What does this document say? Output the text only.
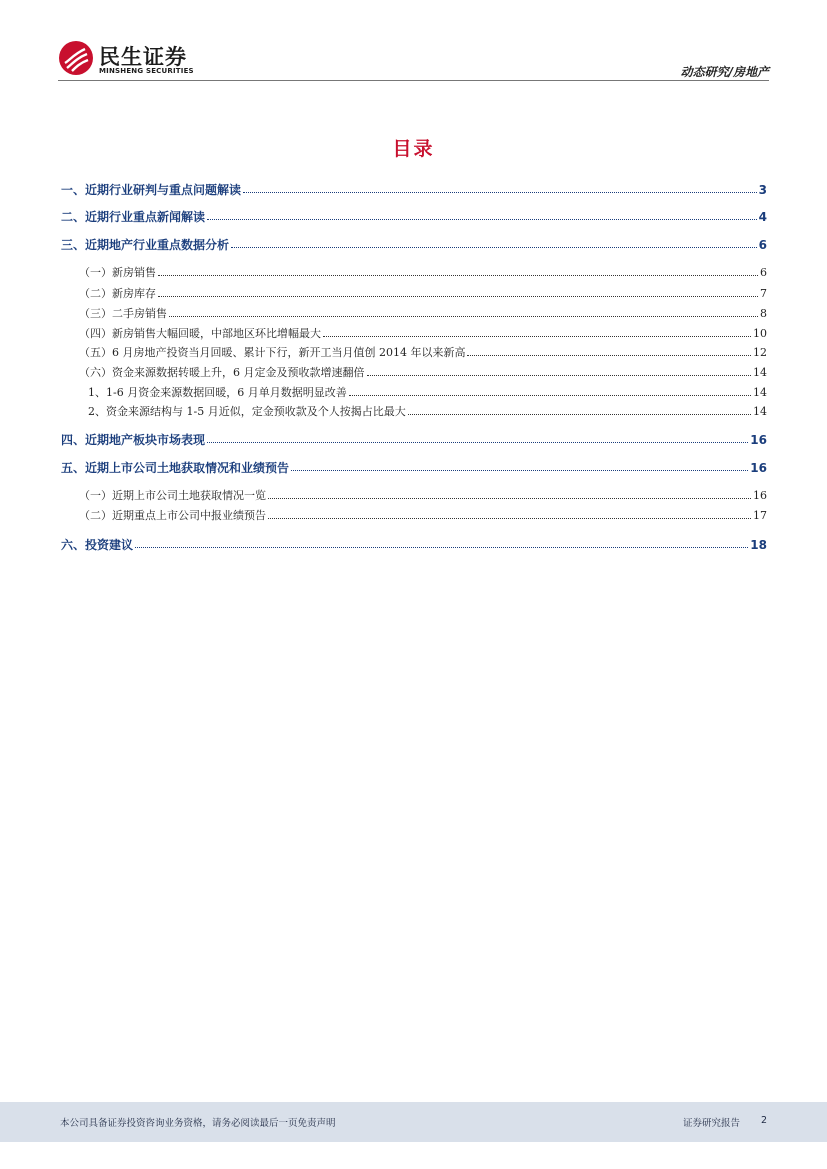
民生证券
MINSHENG SECURITIES	动态研究/房地产
目录
一、近期行业研判与重点问题解读	3
二、近期行业重点新闻解读	4
三、近期地产行业重点数据分析	6
（一）新房销售	6
（二）新房库存	7
（三）二手房销售	8
（四）新房销售大幅回暖，中部地区环比增幅最大	10
（五）6 月房地产投资当月回暖、累计下行，新开工当月值创 2014 年以来新高	12
（六）资金来源数据转暖上升，6 月定金及预收款增速翻倍	14
1、1-6 月资金来源数据回暖，6 月单月数据明显改善	14
2、资金来源结构与 1-5 月近似，定金预收款及个人按揭占比最大	14
四、近期地产板块市场表现	16
五、近期上市公司土地获取情况和业绩预告	16
（一）近期上市公司土地获取情况一览	16
（二）近期重点上市公司中报业绩预告	17
六、投资建议	18
本公司具备证券投资咨询业务资格，请务必阅读最后一页免责声明	证券研究报告 2
